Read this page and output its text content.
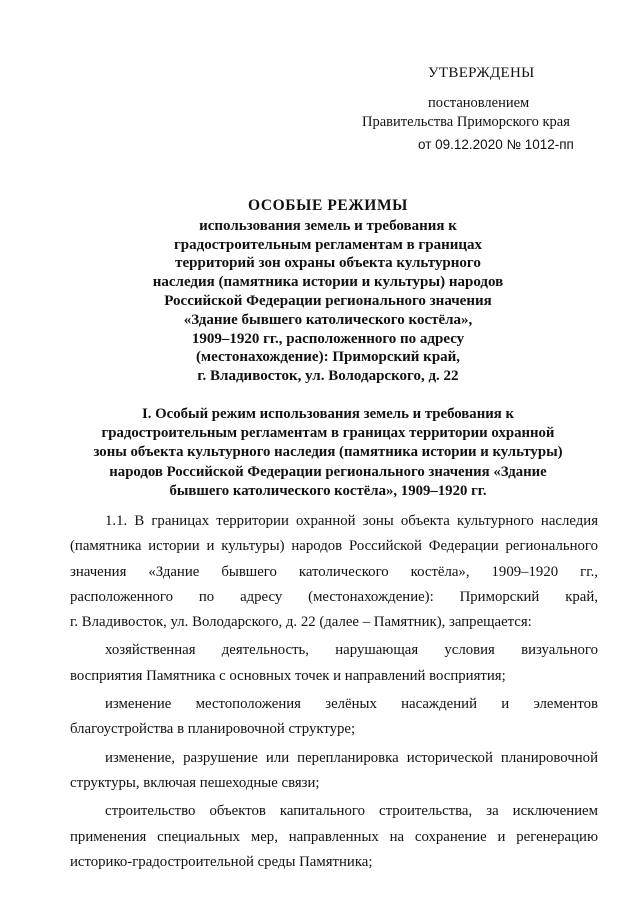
УТВЕРЖДЕНЫ
постановлением
Правительства Приморского края
от 09.12.2020 № 1012-пп
ОСОБЫЕ РЕЖИМЫ
использования земель и требования к
градостроительным регламентам в границах
территорий зон охраны объекта культурного
наследия (памятника истории и культуры) народов
Российской Федерации регионального значения
«Здание бывшего католического костёла»,
1909–1920 гг., расположенного по адресу
(местонахождение): Приморский край,
г. Владивосток, ул. Володарского, д. 22
I. Особый режим использования земель и требования к
градостроительным регламентам в границах территории охранной
зоны объекта культурного наследия (памятника истории и культуры)
народов Российской Федерации регионального значения «Здание
бывшего католического костёла», 1909–1920 гг.
1.1. В границах территории охранной зоны объекта культурного наследия
(памятника истории и культуры) народов Российской Федерации регионального
значения «Здание бывшего католического костёла», 1909–1920 гг.,
расположенного по адресу (местонахождение): Приморский край,
г. Владивосток, ул. Володарского, д. 22 (далее – Памятник), запрещается:
хозяйственная деятельность, нарушающая условия визуального
восприятия Памятника с основных точек и направлений восприятия;
изменение местоположения зелёных насаждений и элементов
благоустройства в планировочной структуре;
изменение, разрушение или перепланировка исторической планировочной
структуры, включая пешеходные связи;
строительство объектов капитального строительства, за исключением
применения специальных мер, направленных на сохранение и регенерацию
историко-градостроительной среды Памятника;
